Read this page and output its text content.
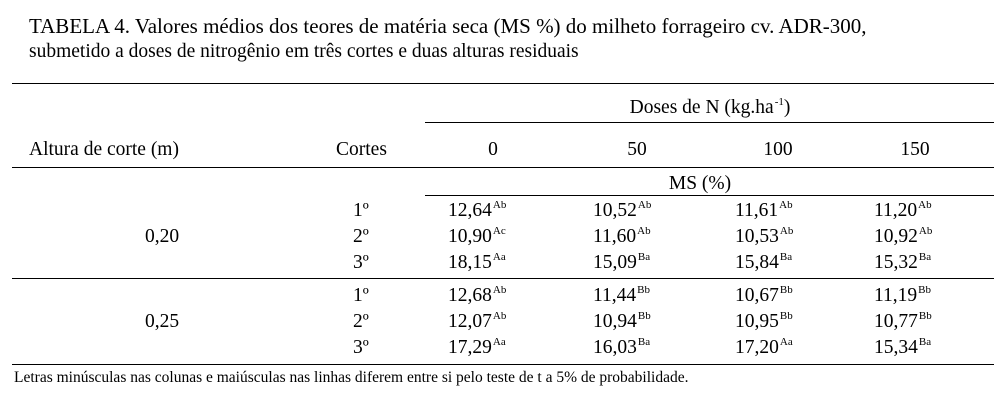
TABELA 4. Valores médios dos teores de matéria seca (MS %) do milheto forrageiro cv. ADR-300,
submetido a doses de nitrogênio em três cortes e duas alturas residuais
Doses de N $(kg.ha^{-1})$
Altura de corte (m)	Cortes	0	50	100	150
MS (%)
0,20
1º	$12,64^{Ab}$	$10,52^{Ab}$	$11,61^{Ab}$	$11,20^{Ab}$
2º	$10,90^{Ac}$	$11,60^{Ab}$	$10,53^{Ab}$	$10,92^{Ab}$
3º	$18,15^{Aa}$	$15,09^{Ba}$	$15,84^{Ba}$	$15,32^{Ba}$
0,25
1º	$12,68^{Ab}$	$11,44^{Bb}$	$10,67^{Bb}$	$11,19^{Bb}$
2º	$12,07^{Ab}$	$10,94^{Bb}$	$10,95^{Bb}$	$10,77^{Bb}$
3º	$17,29^{Aa}$	$16,03^{Ba}$	$17,20^{Aa}$	$15,34^{Ba}$
Letras minúsculas nas colunas e maiúsculas nas linhas diferem entre si pelo teste de t a 5% de probabilidade.
